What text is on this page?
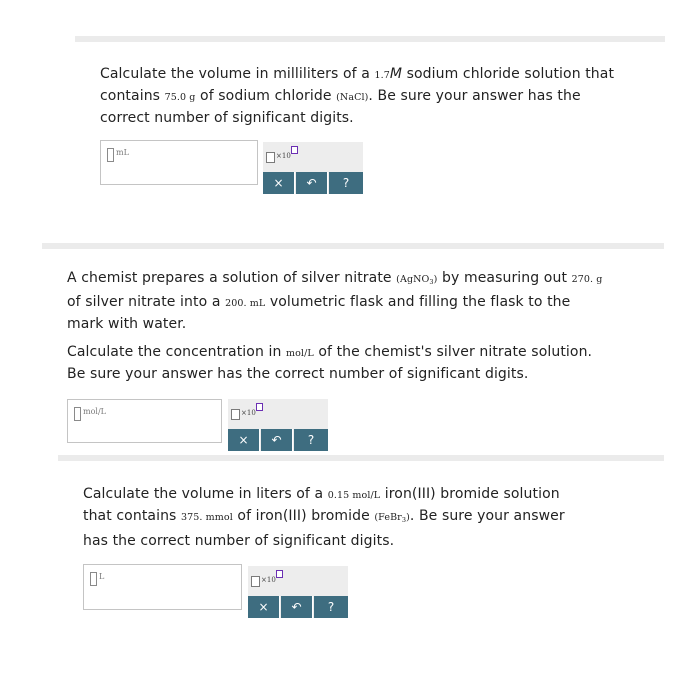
Calculate the volume in milliliters of a 1.7M sodium chloride solution that

contains 75.0 g of sodium chloride (NaCl). Be sure your answer has the

correct number of significant digits.

mL	×10
×	↶	?

A chemist prepares a solution of silver nitrate (AgNO$_3$) by measuring out 270. g

of silver nitrate into a 200. mL volumetric flask and filling the flask to the

mark with water.

Calculate the concentration in mol/L of the chemist's silver nitrate solution.

Be sure your answer has the correct number of significant digits.

mol/L	×10
×	↶	?

Calculate the volume in liters of a 0.15 mol/L iron(III) bromide solution

that contains 375. mmol of iron(III) bromide (FeBr$_3$). Be sure your answer

has the correct number of significant digits.

L	×10
×	↶	?
